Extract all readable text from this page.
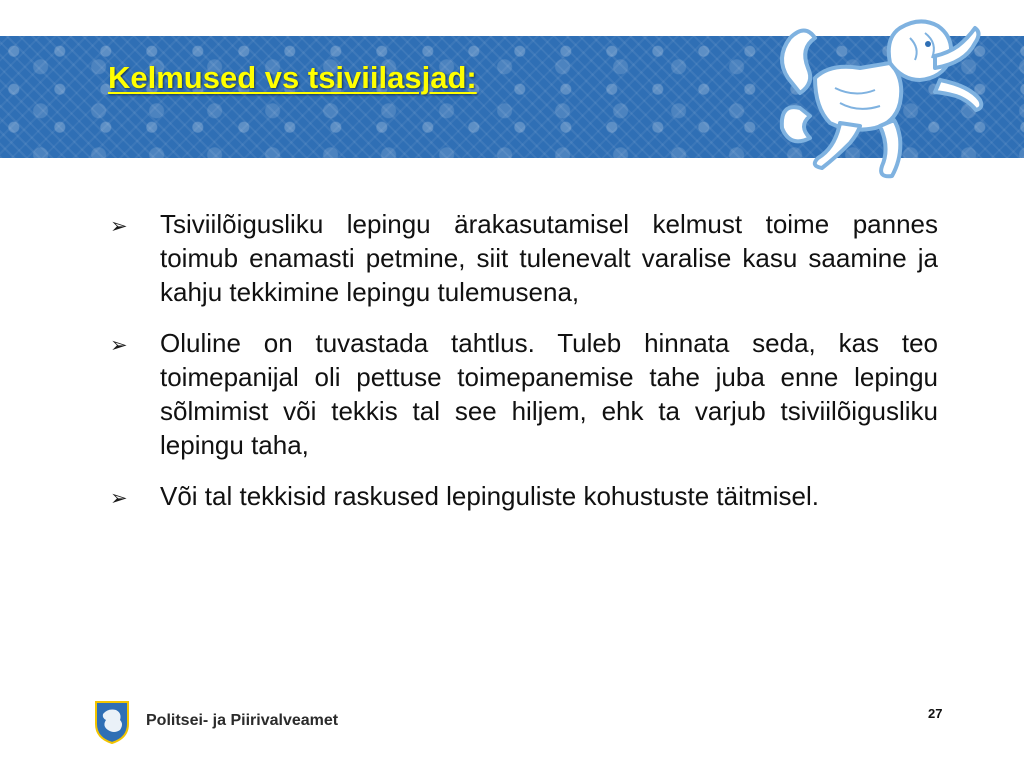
Kelmused vs tsiviilasjad:
➢ Tsiviilõigusliku lepingu ärakasutamisel kelmust toime pannes toimub enamasti petmine, siit tulenevalt varalise kasu saamine ja kahju tekkimine lepingu tulemusena,
➢ Oluline on tuvastada tahtlus. Tuleb hinnata seda, kas teo toimepanijal oli pettuse toimepanemise tahe juba enne lepingu sõlmimist või tekkis tal see hiljem, ehk ta varjub tsiviilõigusliku lepingu taha,
➢ Või tal tekkisid raskused lepinguliste kohustuste täitmisel.
Politsei- ja Piirivalveamet	27
